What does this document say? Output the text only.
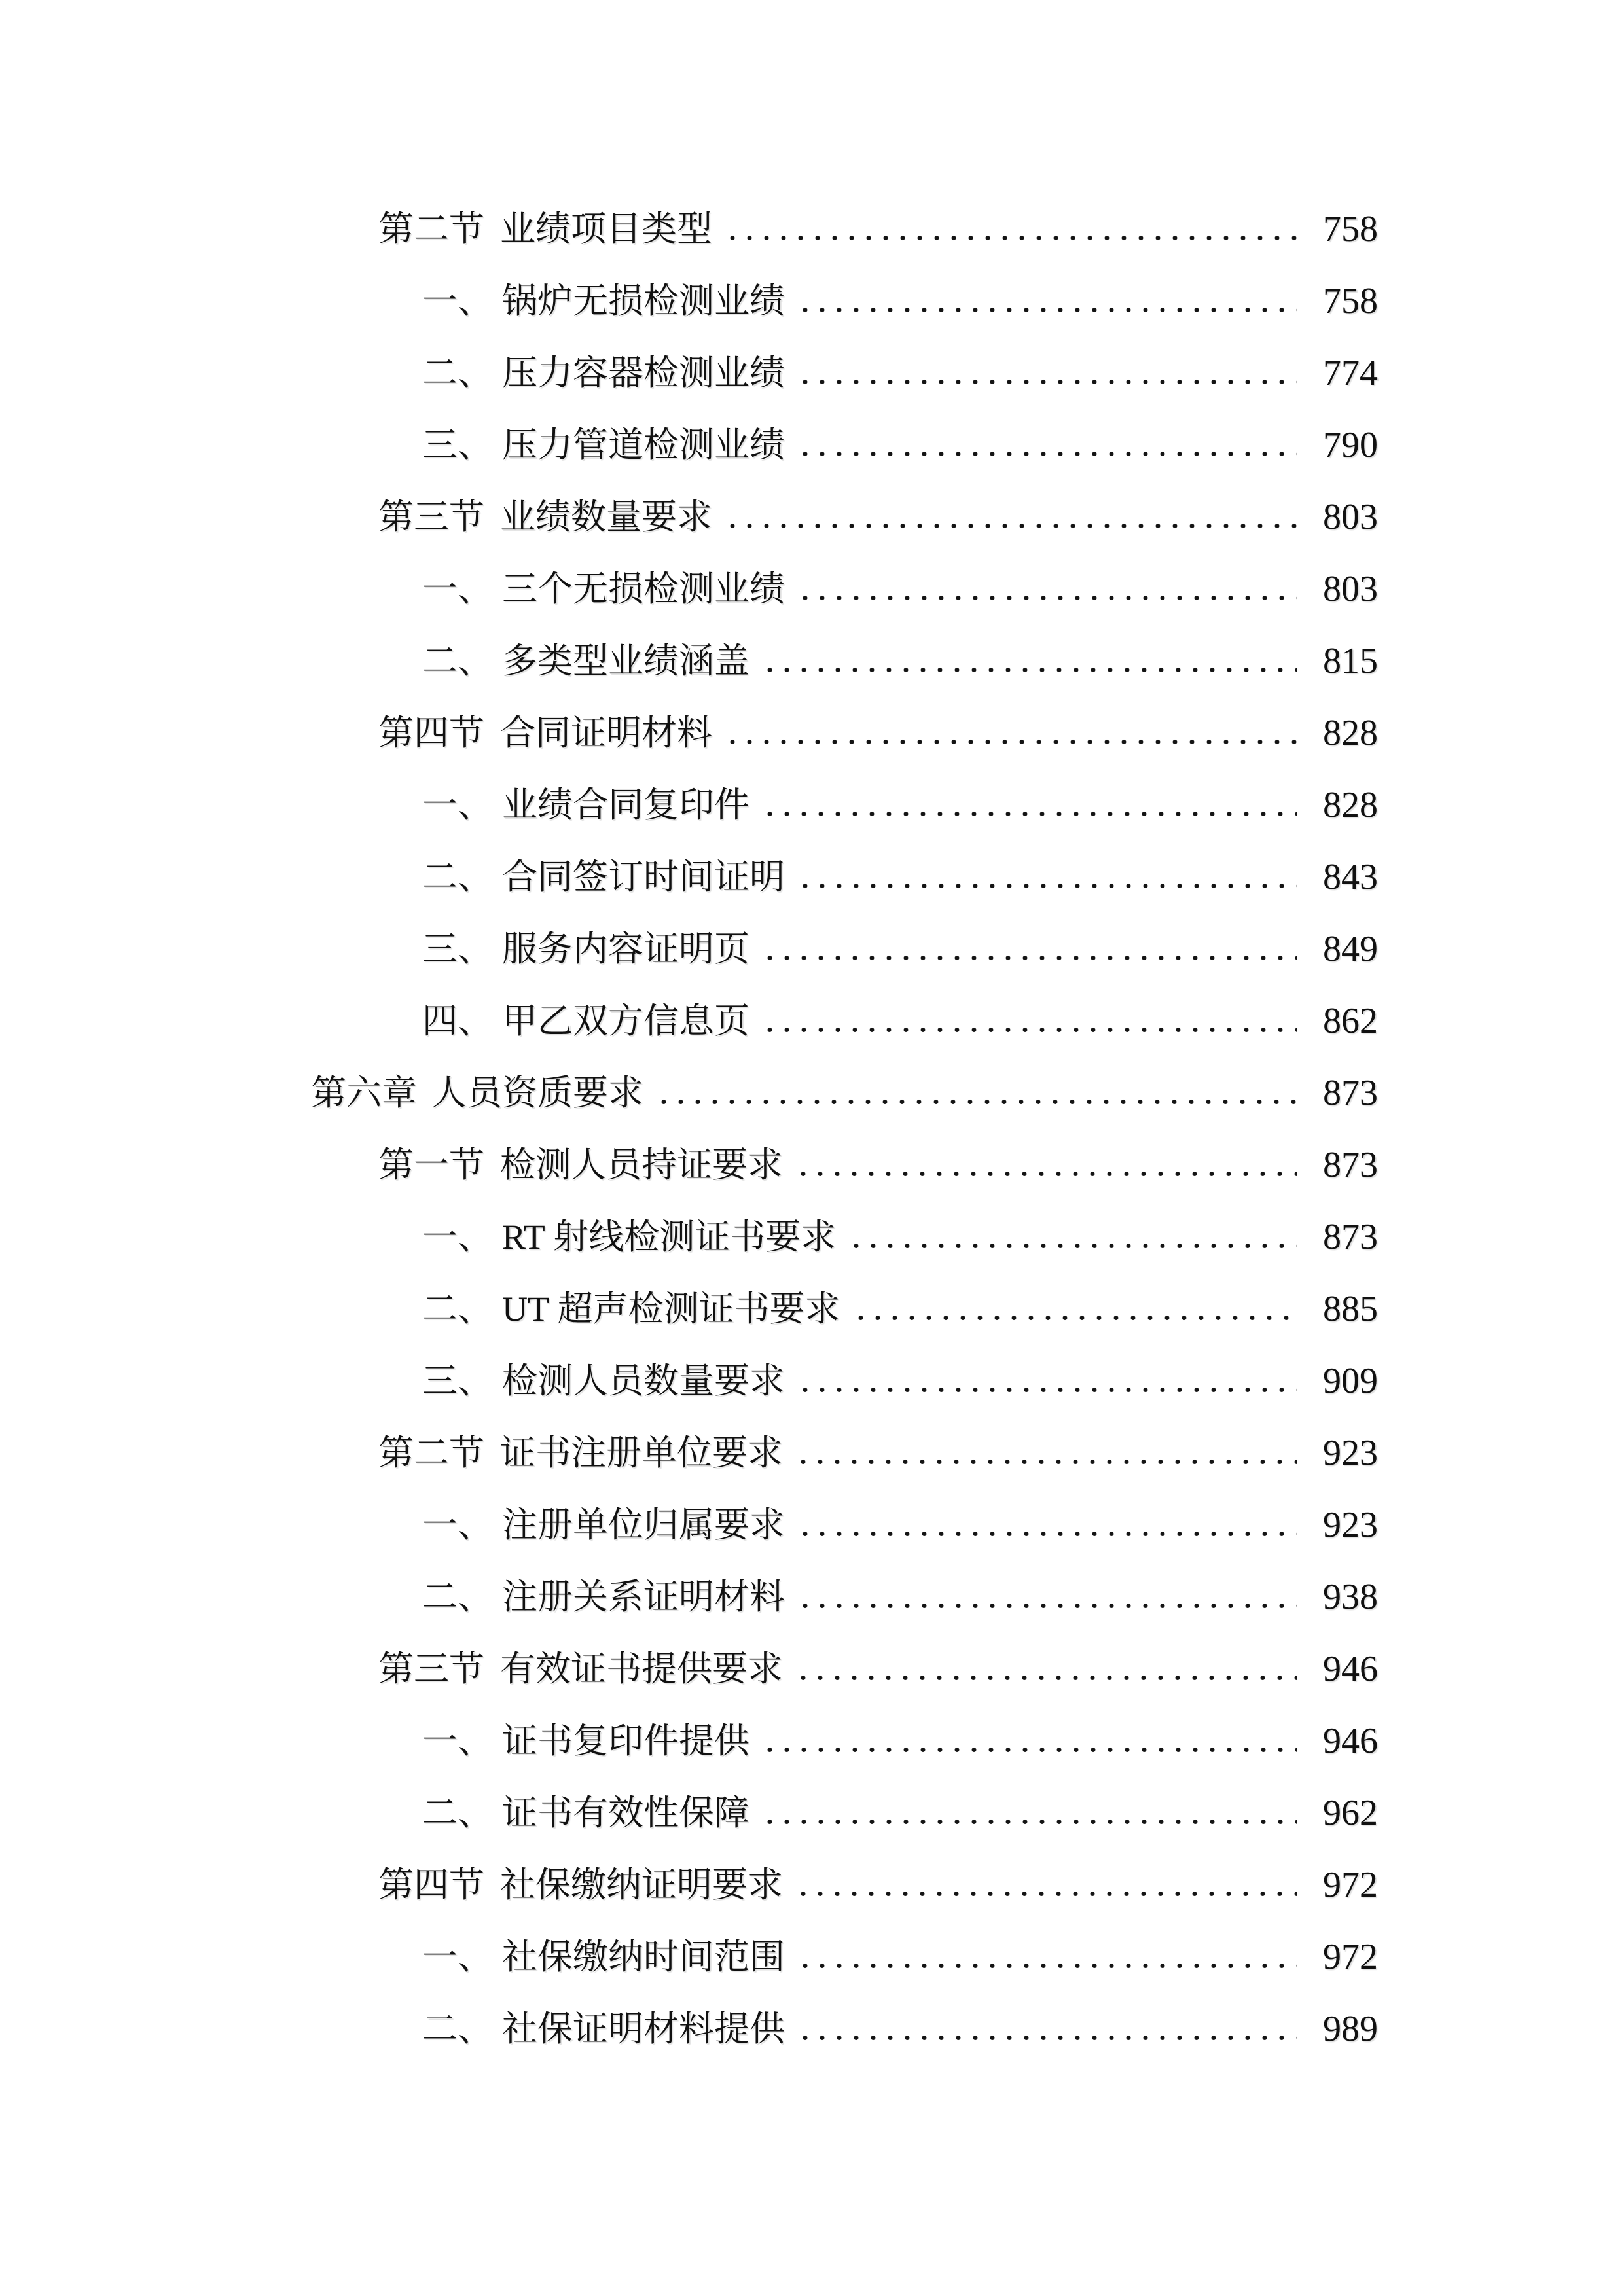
第二节 业绩项目类型	758
一、 锅炉无损检测业绩	758
二、 压力容器检测业绩	774
三、 压力管道检测业绩	790
第三节 业绩数量要求	803
一、 三个无损检测业绩	803
二、 多类型业绩涵盖	815
第四节 合同证明材料	828
一、 业绩合同复印件	828
二、 合同签订时间证明	843
三、 服务内容证明页	849
四、 甲乙双方信息页	862
第六章 人员资质要求	873
第一节 检测人员持证要求	873
一、 RT 射线检测证书要求	873
二、 UT 超声检测证书要求	885
三、 检测人员数量要求	909
第二节 证书注册单位要求	923
一、 注册单位归属要求	923
二、 注册关系证明材料	938
第三节 有效证书提供要求	946
一、 证书复印件提供	946
二、 证书有效性保障	962
第四节 社保缴纳证明要求	972
一、 社保缴纳时间范围	972
二、 社保证明材料提供	989
